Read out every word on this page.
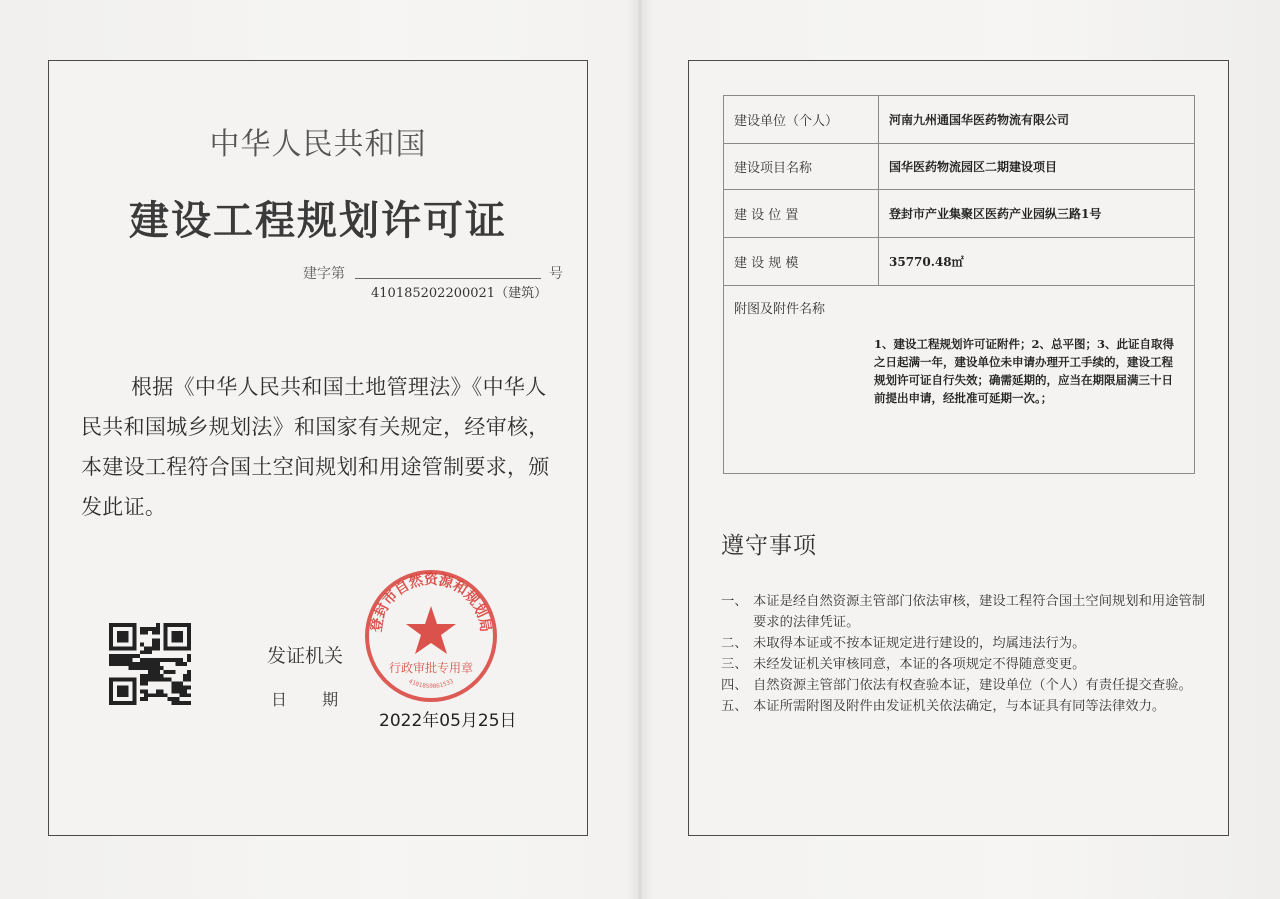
中华人民共和国
建设工程规划许可证
建字第	号
410185202200021（建筑）
根据《中华人民共和国土地管理法》《中华人民共和国城乡规划法》和国家有关规定，经审核，本建设工程符合国土空间规划和用途管制要求，颁发此证。
发证机关
日 期
登封市自然资源和规划局
行政审批专用章
4101850061533
2022年05月25日
建设单位（个人）	河南九州通国华医药物流有限公司
建设项目名称	国华医药物流园区二期建设项目
建 设 位 置	登封市产业集聚区医药产业园纵三路1号
建 设 规 模	35770.48㎡

附图及附件名称
1、建设工程规划许可证附件；2、总平图；3、此证自取得之日起满一年，建设单位未申请办理开工手续的，建设工程规划许可证自行失效；确需延期的，应当在期限届满三十日前提出申请，经批准可延期一次。；	
遵守事项
一、 本证是经自然资源主管部门依法审核，建设工程符合国土空间规划和用途管制要求的法律凭证。
二、 未取得本证或不按本证规定进行建设的，均属违法行为。
三、 未经发证机关审核同意，本证的各项规定不得随意变更。
四、 自然资源主管部门依法有权查验本证，建设单位（个人）有责任提交查验。
五、 本证所需附图及附件由发证机关依法确定，与本证具有同等法律效力。
